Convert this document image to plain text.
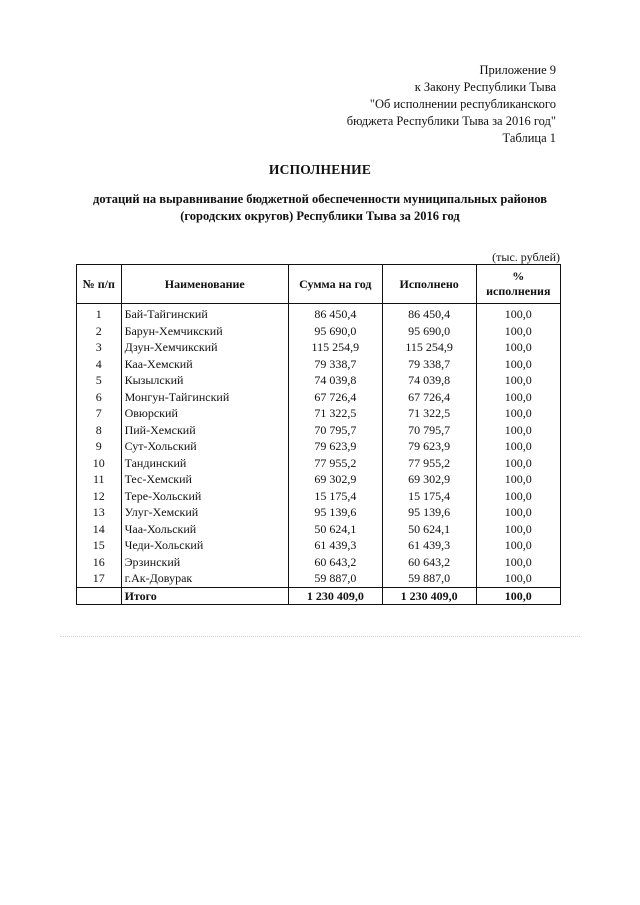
Приложение 9
к Закону Республики Тыва
"Об исполнении республиканского
бюджета Республики Тыва за 2016 год"
Таблица 1
ИСПОЛНЕНИЕ
дотаций на выравнивание бюджетной обеспеченности муниципальных районов
(городских округов) Республики Тыва за 2016 год
(тыс. рублей)
№ п/п	Наименование	Сумма на год	Исполнено	%
исполнения

1	Бай-Тайгинский	86 450,4	86 450,4	100,0
2	Барун-Хемчикский	95 690,0	95 690,0	100,0
3	Дзун-Хемчикский	115 254,9	115 254,9	100,0
4	Каа-Хемский	79 338,7	79 338,7	100,0
5	Кызылский	74 039,8	74 039,8	100,0
6	Монгун-Тайгинский	67 726,4	67 726,4	100,0
7	Овюрский	71 322,5	71 322,5	100,0
8	Пий-Хемский	70 795,7	70 795,7	100,0
9	Сут-Хольский	79 623,9	79 623,9	100,0
10	Тандинский	77 955,2	77 955,2	100,0
11	Тес-Хемский	69 302,9	69 302,9	100,0
12	Тере-Хольский	15 175,4	15 175,4	100,0
13	Улуг-Хемский	95 139,6	95 139,6	100,0
14	Чаа-Хольский	50 624,1	50 624,1	100,0
15	Чеди-Хольский	61 439,3	61 439,3	100,0
16	Эрзинский	60 643,2	60 643,2	100,0
17	г.Ак-Довурак	59 887,0	59 887,0	100,0
	Итого	1 230 409,0	1 230 409,0	100,0
